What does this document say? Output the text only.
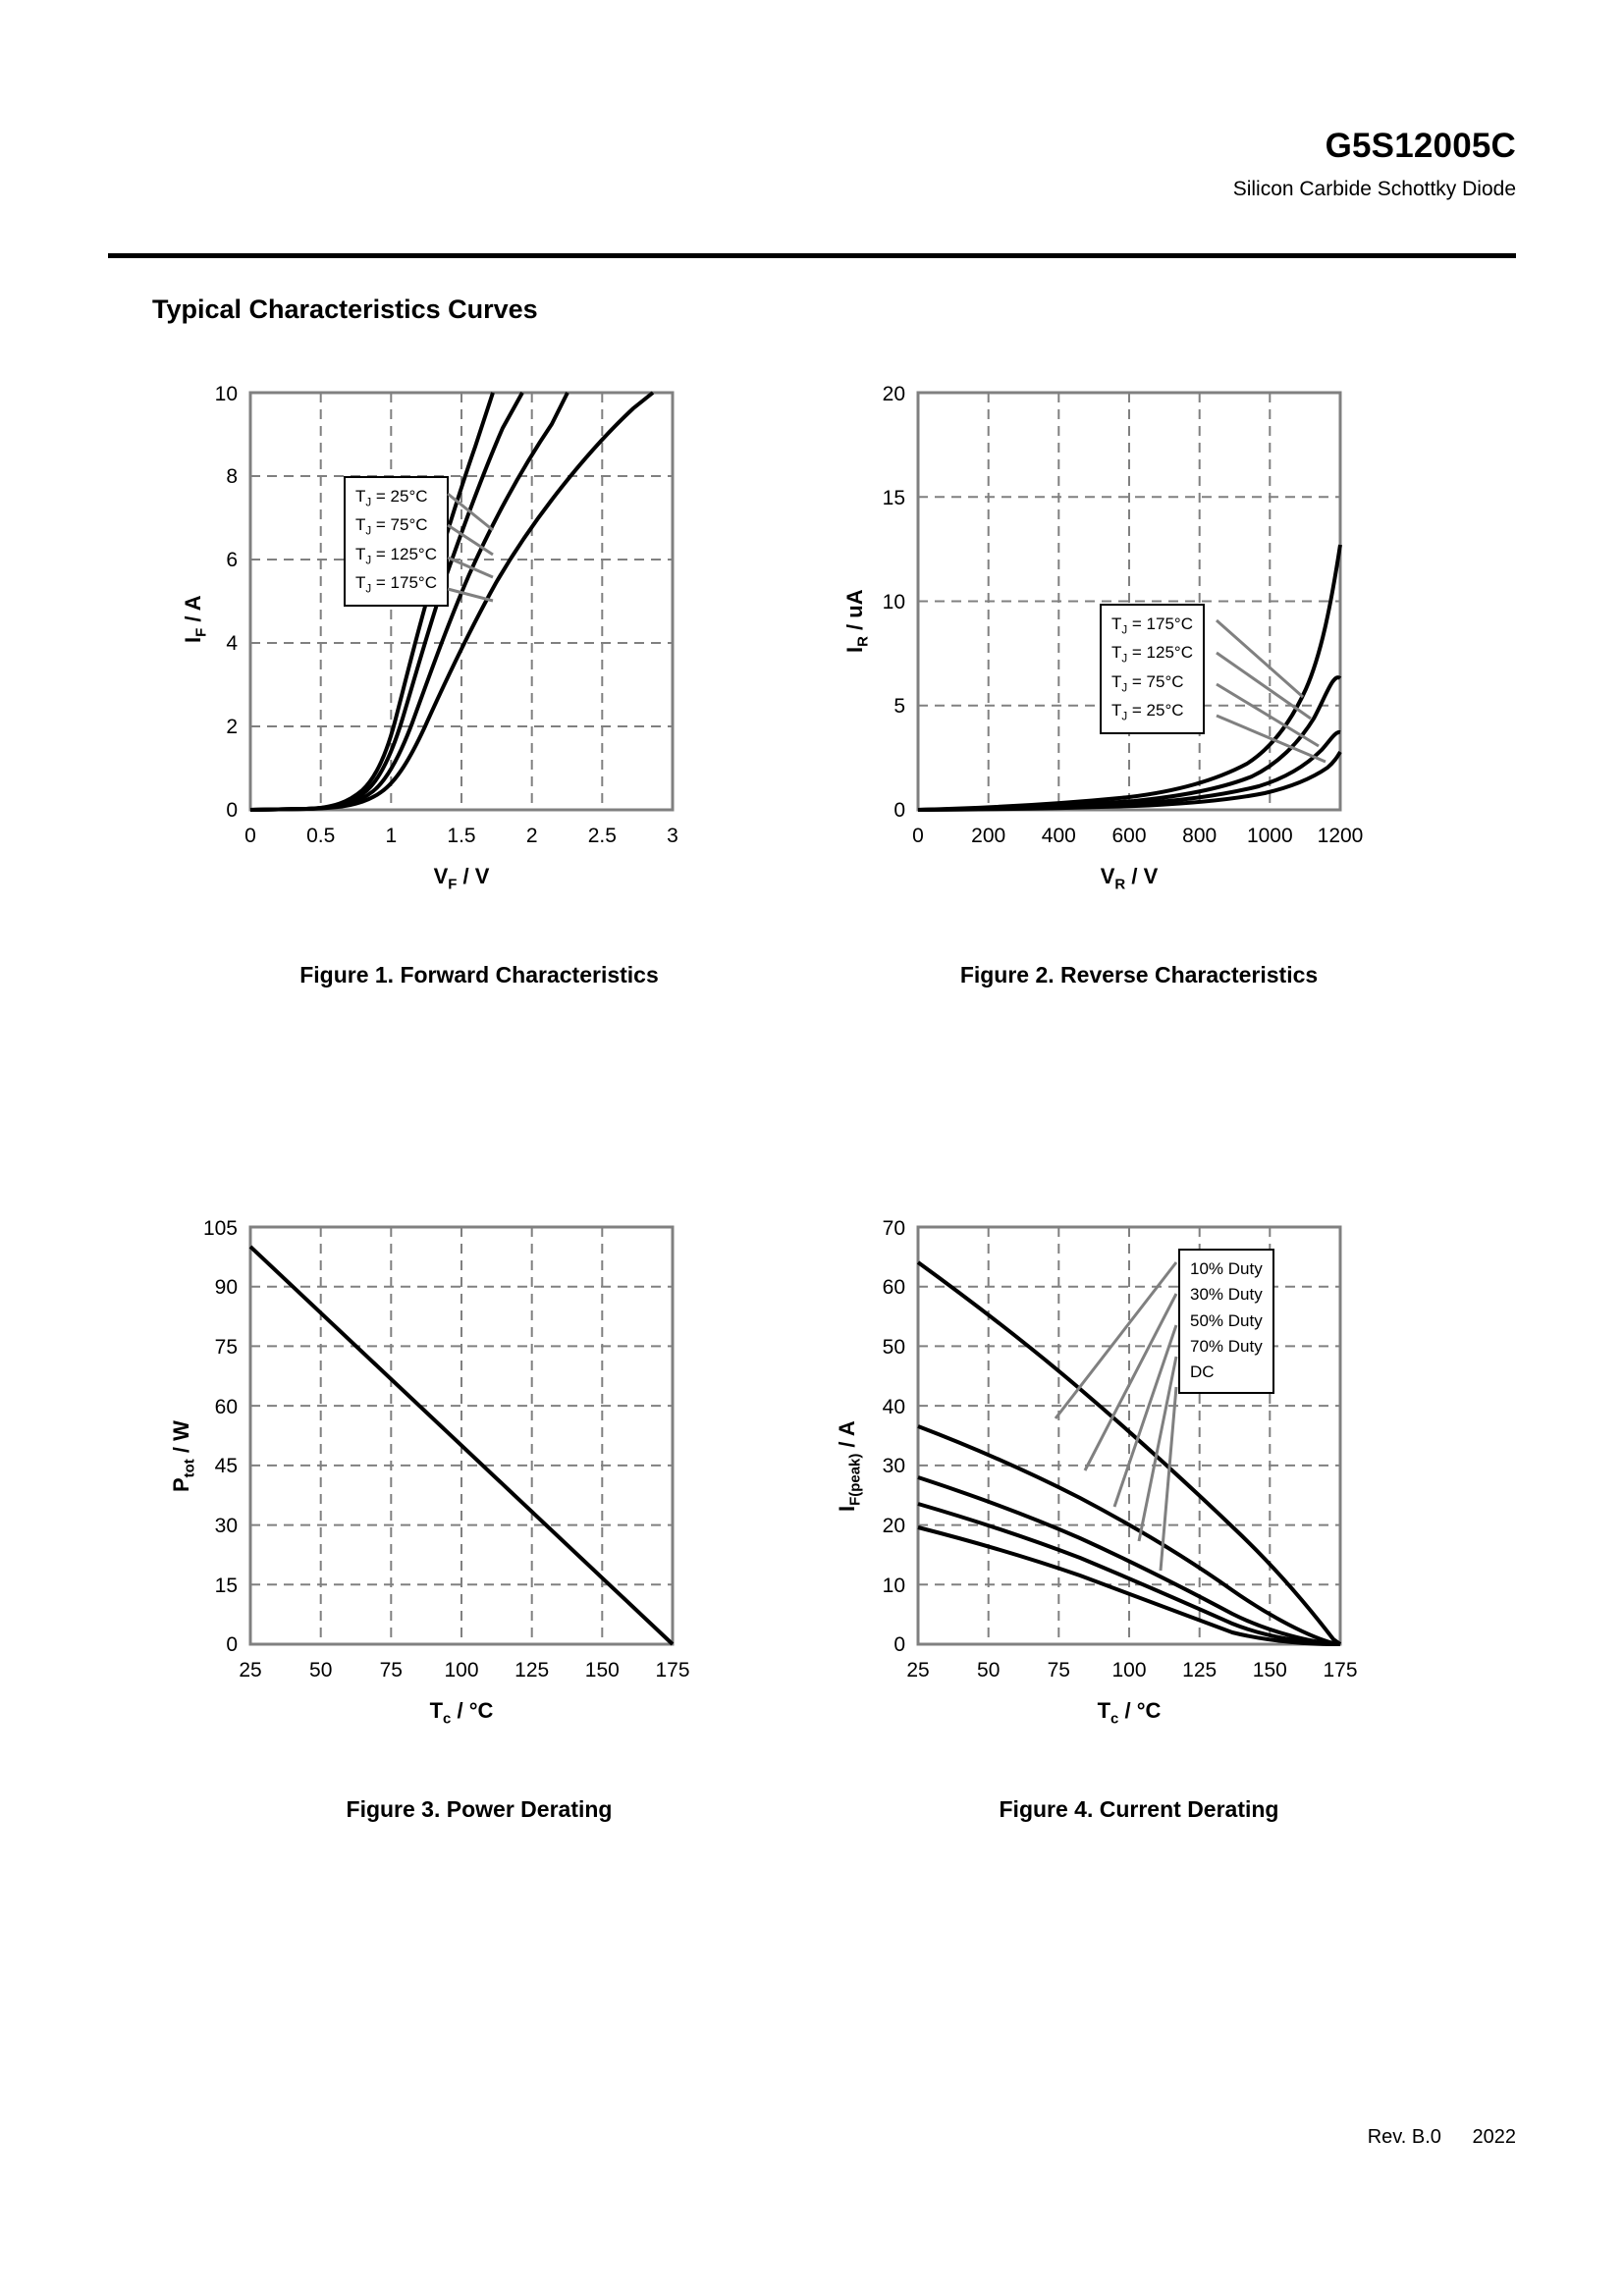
G5S12005C
Silicon Carbide Schottky Diode
Typical Characteristics Curves
0
2
4
6
8
10
0 0.5 1 1.5 2 2.5 3
$V_F$ / V
$I_F$ / A
$T_J = 25^\circ C$
$T_J = 75^\circ C$
$T_J = 125^\circ C$
$T_J = 175^\circ C$
Figure 1. Forward Characteristics
0
5
10
15
20
0 200 400 600 800 1000 1200
$V_R$ / V
$I_R$ / uA	$T_J = 175^\circ C$
$T_J = 125^\circ C$
$T_J = 75^\circ C$
$T_J = 25^\circ C$
Figure 2. Reverse Characteristics
0
15
30
45
60
75
90
105
25 50 75 100 125 150 175
$T_c / ^\circ C$
$P_{tot}$ / W
Figure 3. Power Derating
0
10
20
30
40
50
60
70
25 50 75 100 125 150 175
$T_c / ^\circ C$
$I_{F(peak)}$ / A
10% Duty
30% Duty
50% Duty
70% Duty
DC
Figure 4. Current Derating
Rev. B.0 2022
